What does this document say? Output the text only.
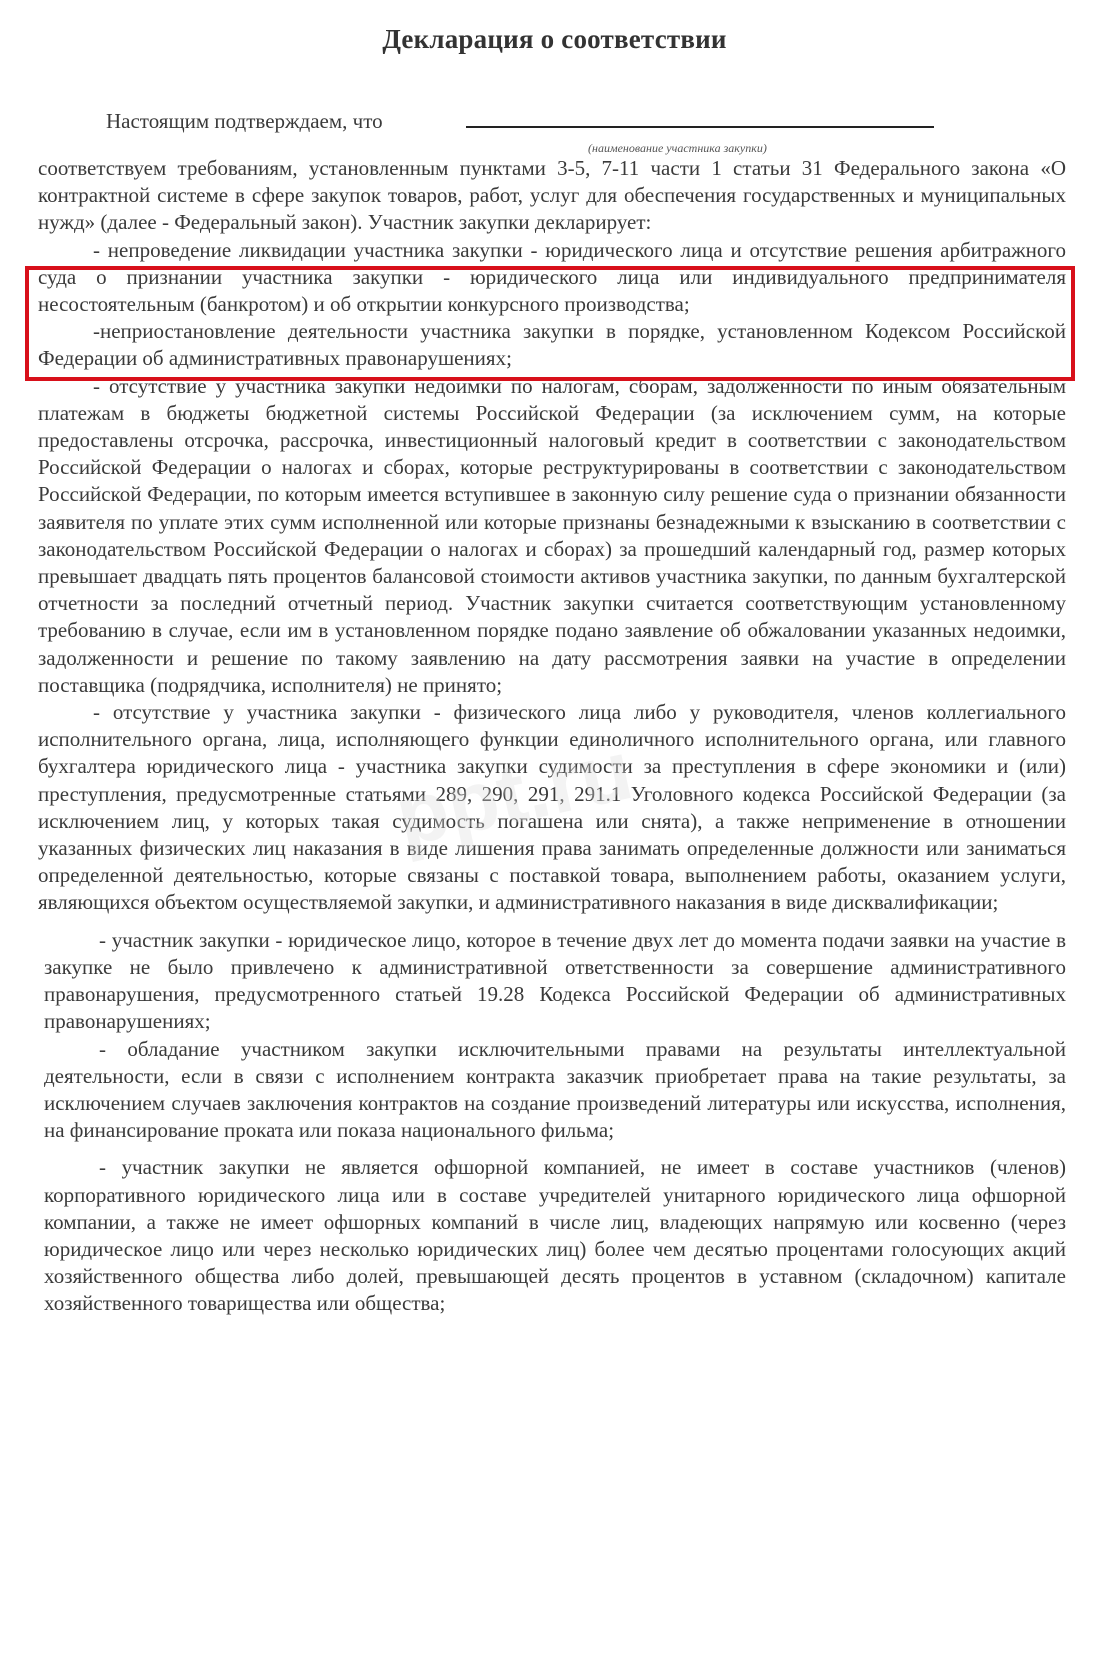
Декларация о соответствии
Настоящим подтверждаем, что
(наименование участника закупки)

соответствуем требованиям, установленным пунктами 3-5, 7-11 части 1 статьи 31 Федерального закона «О контрактной системе в сфере закупок товаров, работ, услуг для обеспечения государственных и муниципальных нужд» (далее - Федеральный закон). Участник закупки декларирует:

- непроведение ликвидации участника закупки - юридического лица и отсутствие решения арбитражного суда о признании участника закупки - юридического лица или индивидуального предпринимателя несостоятельным (банкротом) и об открытии конкурсного производства;

-неприостановление деятельности участника закупки в порядке, установленном Кодексом Российской Федерации об административных правонарушениях;

- отсутствие у участника закупки недоимки по налогам, сборам, задолженности по иным обязательным платежам в бюджеты бюджетной системы Российской Федерации (за исключением сумм, на которые предоставлены отсрочка, рассрочка, инвестиционный налоговый кредит в соответствии с законодательством Российской Федерации о налогах и сборах, которые реструктурированы в соответствии с законодательством Российской Федерации, по которым имеется вступившее в законную силу решение суда о признании обязанности заявителя по уплате этих сумм исполненной или которые признаны безнадежными к взысканию в соответствии с законодательством Российской Федерации о налогах и сборах) за прошедший календарный год, размер которых превышает двадцать пять процентов балансовой стоимости активов участника закупки, по данным бухгалтерской отчетности за последний отчетный период. Участник закупки считается соответствующим установленному требованию в случае, если им в установленном порядке подано заявление об обжаловании указанных недоимки, задолженности и решение по такому заявлению на дату рассмотрения заявки на участие в определении поставщика (подрядчика, исполнителя) не принято;

- отсутствие у участника закупки - физического лица либо у руководителя, членов коллегиального исполнительного органа, лица, исполняющего функции единоличного исполнительного органа, или главного бухгалтера юридического лица - участника закупки судимости за преступления в сфере экономики и (или) преступления, предусмотренные статьями 289, 290, 291, 291.1 Уголовного кодекса Российской Федерации (за исключением лиц, у которых такая судимость погашена или снята), а также неприменение в отношении указанных физических лиц наказания в виде лишения права занимать определенные должности или заниматься определенной деятельностью, которые связаны с поставкой товара, выполнением работы, оказанием услуги, являющихся объектом осуществляемой закупки, и административного наказания в виде дисквалификации;

- участник закупки - юридическое лицо, которое в течение двух лет до момента подачи заявки на участие в закупке не было привлечено к административной ответственности за совершение административного правонарушения, предусмотренного статьей 19.28 Кодекса Российской Федерации об административных правонарушениях;

- обладание участником закупки исключительными правами на результаты интеллектуальной деятельности, если в связи с исполнением контракта заказчик приобретает права на такие результаты, за исключением случаев заключения контрактов на создание произведений литературы или искусства, исполнения, на финансирование проката или показа национального фильма;

- участник закупки не является офшорной компанией, не имеет в составе участников (членов) корпоративного юридического лица или в составе учредителей унитарного юридического лица офшорной компании, а также не имеет офшорных компаний в числе лиц, владеющих напрямую или косвенно (через юридическое лицо или через несколько юридических лиц) более чем десятью процентами голосующих акций хозяйственного общества либо долей, превышающей десять процентов в уставном (складочном) капитале хозяйственного товарищества или общества;

ppt.ru
